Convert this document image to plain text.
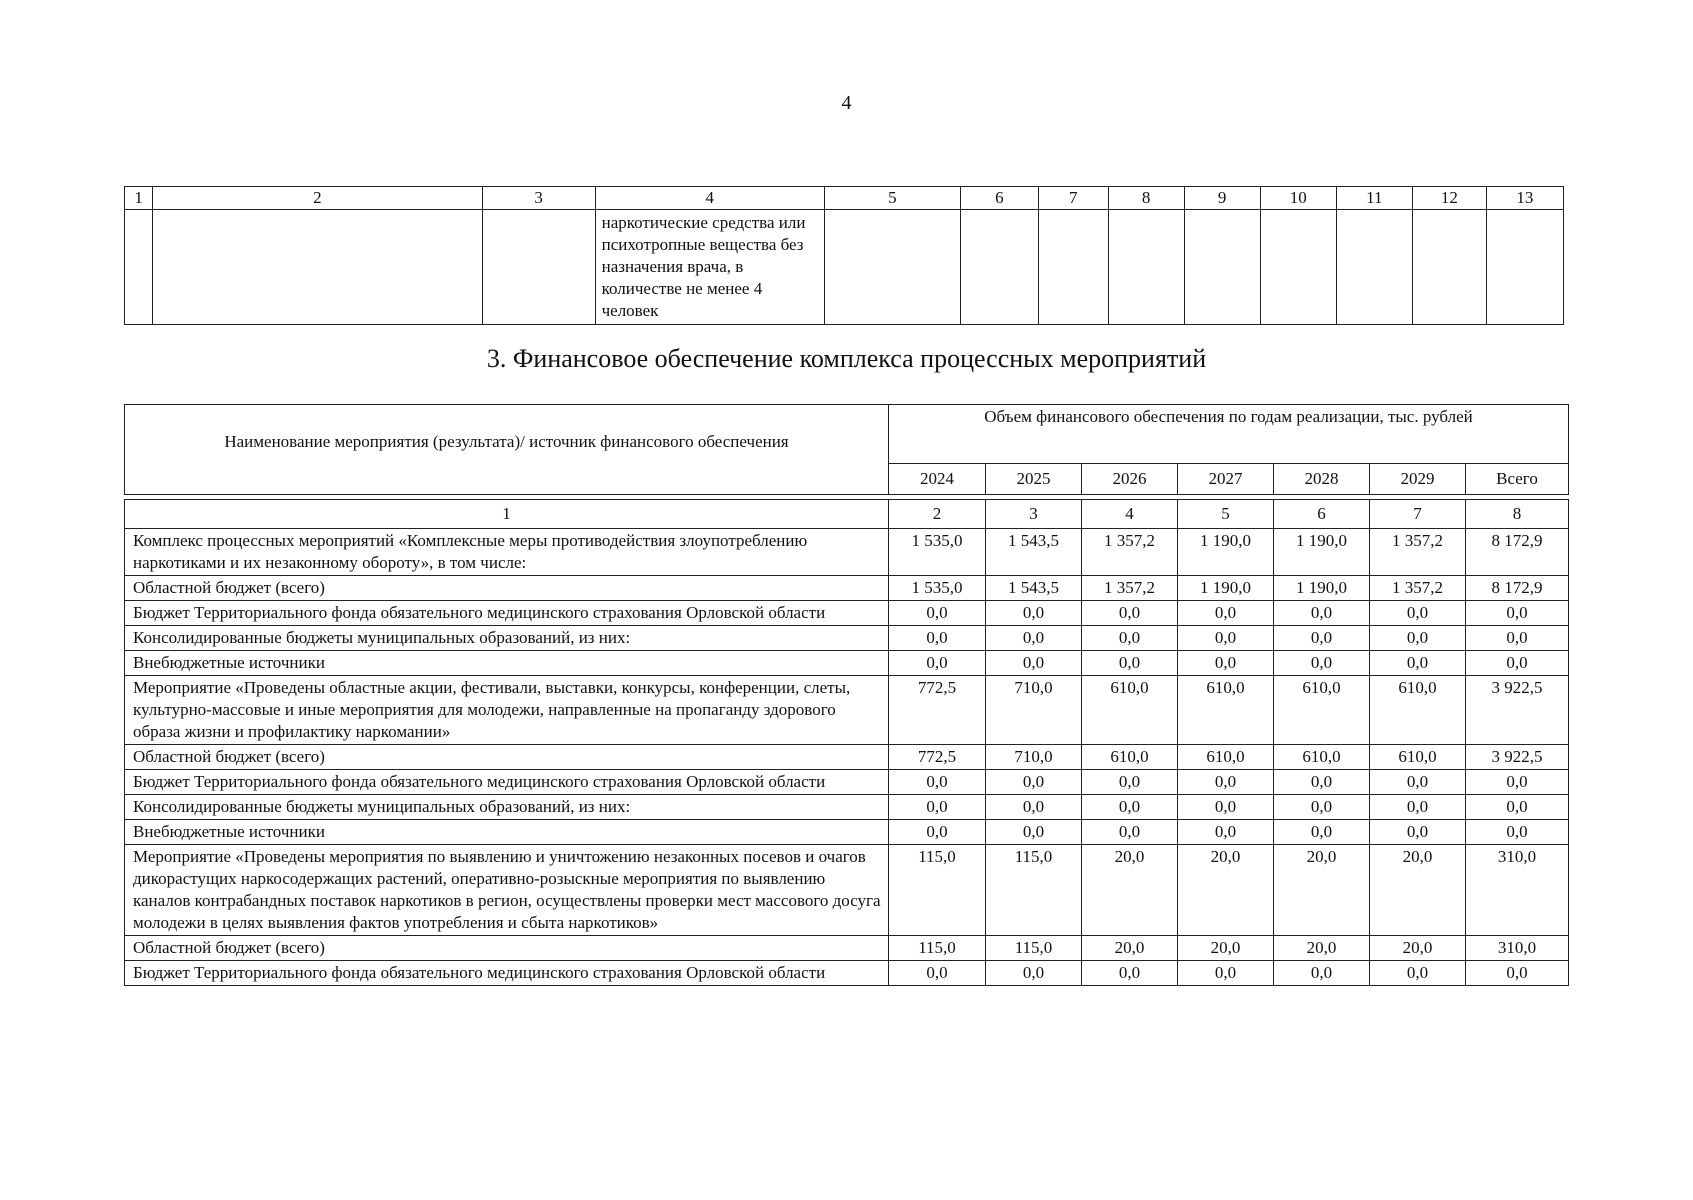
4
1	2	3	4	5	6	7	8	9	10	11	12	13
			наркотические средства или психотропные вещества без назначения врача, в количестве не менее 4 человек									
3. Финансовое обеспечение комплекса процессных мероприятий
Наименование мероприятия (результата)/ источник финансового обеспечения	Объем финансового обеспечения по годам реализации, тыс. рублей						
	2024	2025	2026	2027	2028	2029	Всего

1	2	3	4	5	6	7	8
Комплекс процессных мероприятий «Комплексные меры противодействия злоупотреблению наркотиками и их незаконному обороту», в том числе:	1 535,0	1 543,5	1 357,2	1 190,0	1 190,0	1 357,2	8 172,9
Областной бюджет (всего)	1 535,0	1 543,5	1 357,2	1 190,0	1 190,0	1 357,2	8 172,9
Бюджет Территориального фонда обязательного медицинского страхования Орловской области	0,0	0,0	0,0	0,0	0,0	0,0	0,0
Консолидированные бюджеты муниципальных образований, из них:	0,0	0,0	0,0	0,0	0,0	0,0	0,0
Внебюджетные источники	0,0	0,0	0,0	0,0	0,0	0,0	0,0
Мероприятие «Проведены областные акции, фестивали, выставки, конкурсы, конференции, слеты, культурно-массовые и иные мероприятия для молодежи, направленные на пропаганду здорового образа жизни и профилактику наркомании»	772,5	710,0	610,0	610,0	610,0	610,0	3 922,5
Областной бюджет (всего)	772,5	710,0	610,0	610,0	610,0	610,0	3 922,5
Бюджет Территориального фонда обязательного медицинского страхования Орловской области	0,0	0,0	0,0	0,0	0,0	0,0	0,0
Консолидированные бюджеты муниципальных образований, из них:	0,0	0,0	0,0	0,0	0,0	0,0	0,0
Внебюджетные источники	0,0	0,0	0,0	0,0	0,0	0,0	0,0
Мероприятие «Проведены мероприятия по выявлению и уничтожению незаконных посевов и очагов дикорастущих наркосодержащих растений, оперативно-розыскные мероприятия по выявлению каналов контрабандных поставок наркотиков в регион, осуществлены проверки мест массового досуга молодежи в целях выявления фактов употребления и сбыта наркотиков»	115,0	115,0	20,0	20,0	20,0	20,0	310,0
Областной бюджет (всего)	115,0	115,0	20,0	20,0	20,0	20,0	310,0
Бюджет Территориального фонда обязательного медицинского страхования Орловской области	0,0	0,0	0,0	0,0	0,0	0,0	0,0
